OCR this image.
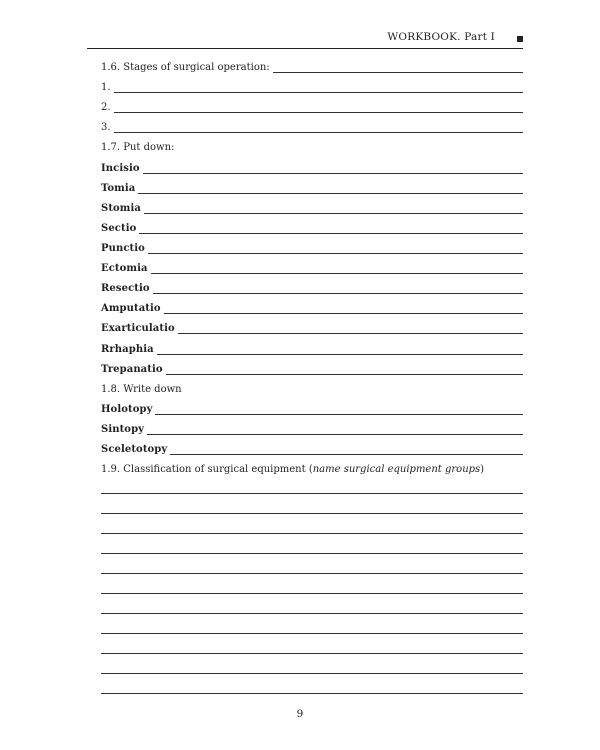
WORKBOOK. Part I
1.6. Stages of surgical operation:
1.
2.
3.
1.7. Put down:
Incisio
Tomia
Stomia
Sectio
Punctio
Ectomia
Resectio
Amputatio
Exarticulatio
Rrhaphia
Trepanatio
1.8. Write down
Holotopy
Sintopy
Sceletotopy
1.9. Classification of surgical equipment (name surgical equipment groups)
9
